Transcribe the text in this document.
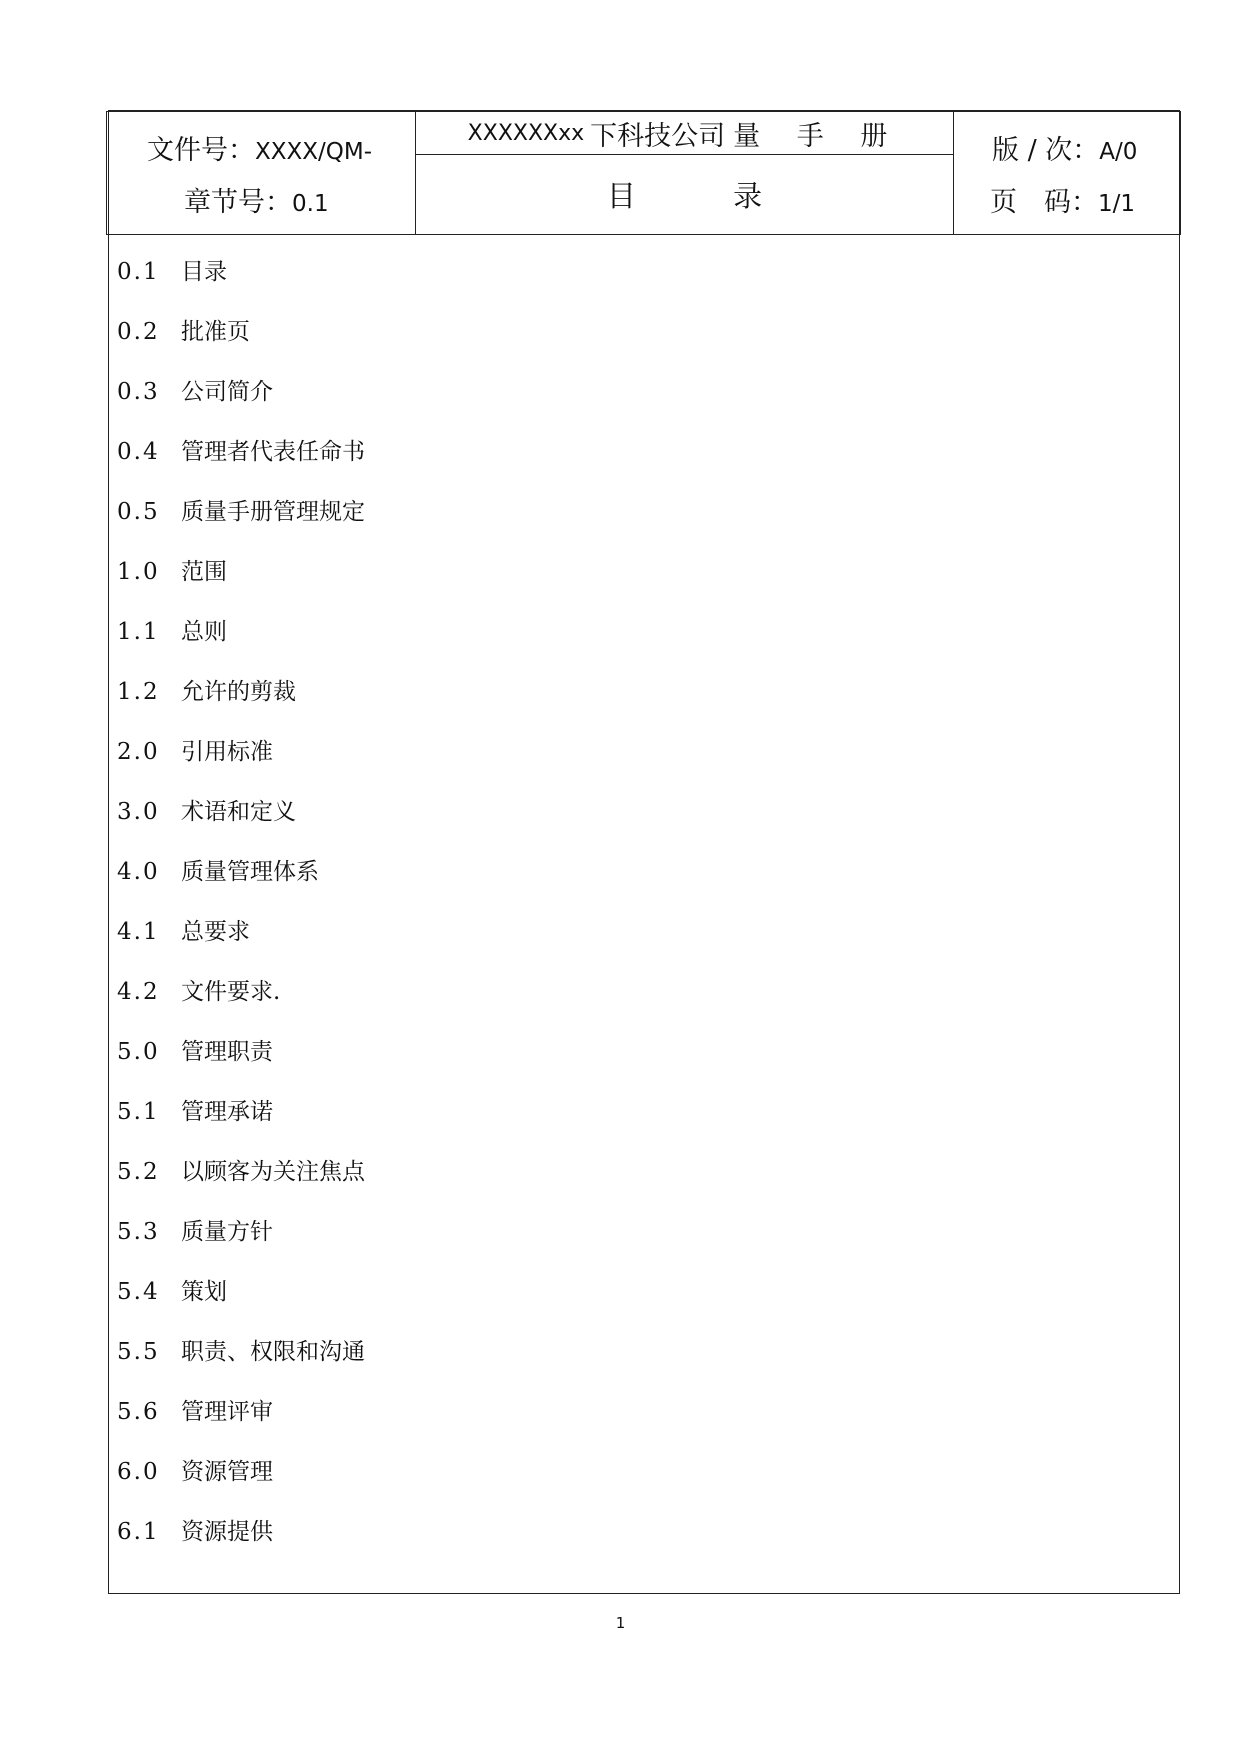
文件号：XXXX/QM-
章节号：0.1
XXXXXXxx 下科技公司 量 手 册
目 录
版 / 次：A/0
页　码：1/1
0.1 目录
0.2 批准页
0.3 公司简介
0.4 管理者代表任命书
0.5 质量手册管理规定
1.0 范围
1.1 总则
1.2 允许的剪裁
2.0 引用标准
3.0 术语和定义
4.0 质量管理体系
4.1 总要求
4.2 文件要求.
5.0 管理职责
5.1 管理承诺
5.2 以顾客为关注焦点
5.3 质量方针
5.4 策划
5.5 职责、权限和沟通
5.6 管理评审
6.0 资源管理
6.1 资源提供
1
